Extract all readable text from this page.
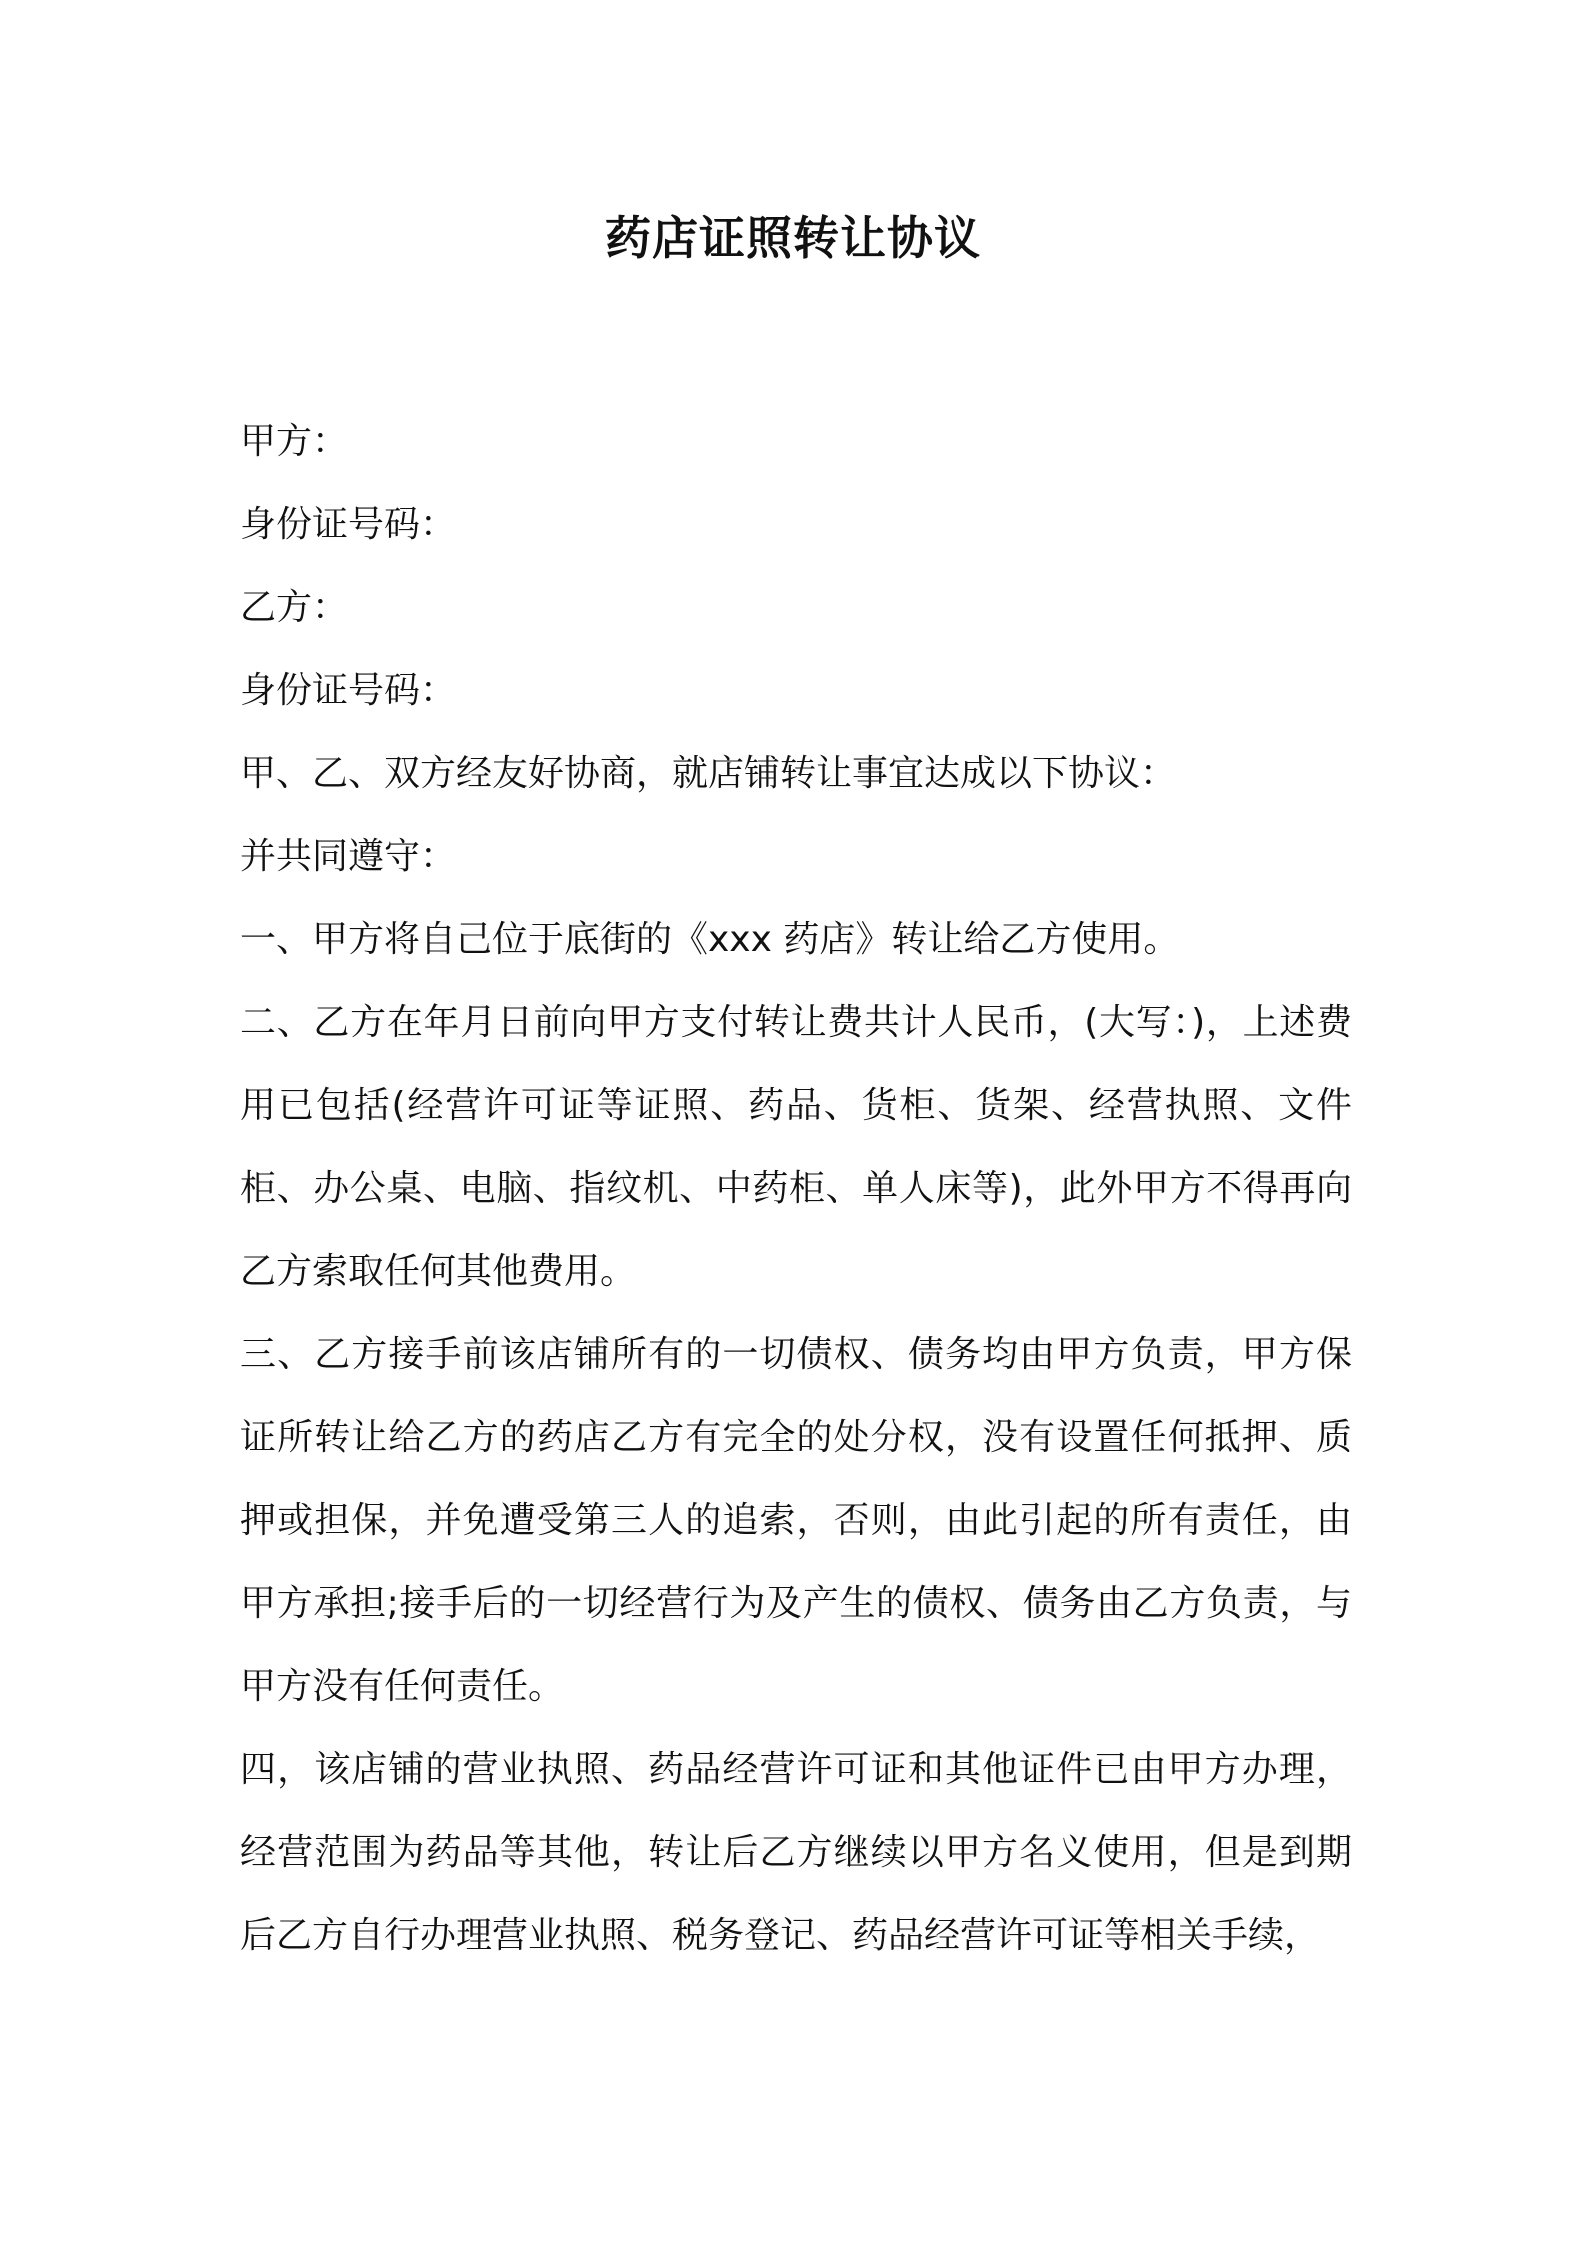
药店证照转让协议

甲方：

身份证号码：

乙方：

身份证号码：

甲、乙、双方经友好协商，就店铺转让事宜达成以下协议：

并共同遵守：

一、甲方将自己位于底街的《xxx 药店》转让给乙方使用。

二、乙方在年月日前向甲方支付转让费共计人民币，(大写：)，上述费用已包括(经营许可证等证照、药品、货柜、货架、经营执照、文件柜、办公桌、电脑、指纹机、中药柜、单人床等)，此外甲方不得再向乙方索取任何其他费用。

三、乙方接手前该店铺所有的一切债权、债务均由甲方负责，甲方保证所转让给乙方的药店乙方有完全的处分权，没有设置任何抵押、质押或担保，并免遭受第三人的追索，否则，由此引起的所有责任，由甲方承担;接手后的一切经营行为及产生的债权、债务由乙方负责，与甲方没有任何责任。

四，该店铺的营业执照、药品经营许可证和其他证件已由甲方办理，经营范围为药品等其他，转让后乙方继续以甲方名义使用，但是到期后乙方自行办理营业执照、税务登记、药品经营许可证等相关手续，
